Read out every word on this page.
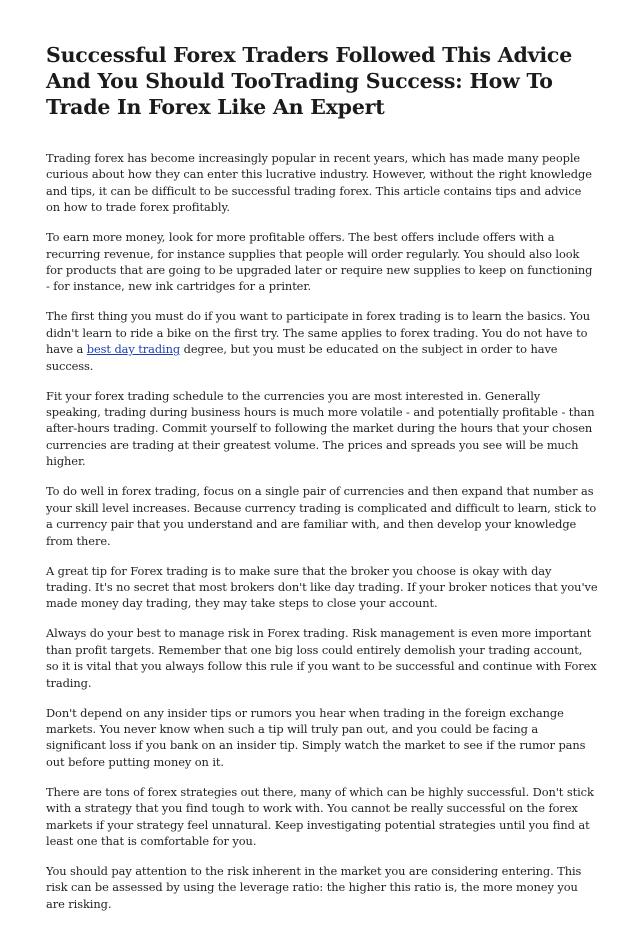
Successful Forex Traders Followed This Advice And You Should TooTrading Success: How To Trade In Forex Like An Expert

Trading forex has become increasingly popular in recent years, which has made many people curious about how they can enter this lucrative industry. However, without the right knowledge and tips, it can be difficult to be successful trading forex. This article contains tips and advice on how to trade forex profitably.

To earn more money, look for more profitable offers. The best offers include offers with a recurring revenue, for instance supplies that people will order regularly. You should also look for products that are going to be upgraded later or require new supplies to keep on functioning - for instance, new ink cartridges for a printer.

The first thing you must do if you want to participate in forex trading is to learn the basics. You didn't learn to ride a bike on the first try. The same applies to forex trading. You do not have to have a best day trading degree, but you must be educated on the subject in order to have success.

Fit your forex trading schedule to the currencies you are most interested in. Generally speaking, trading during business hours is much more volatile - and potentially profitable - than after-hours trading. Commit yourself to following the market during the hours that your chosen currencies are trading at their greatest volume. The prices and spreads you see will be much higher.

To do well in forex trading, focus on a single pair of currencies and then expand that number as your skill level increases. Because currency trading is complicated and difficult to learn, stick to a currency pair that you understand and are familiar with, and then develop your knowledge from there.

A great tip for Forex trading is to make sure that the broker you choose is okay with day trading. It's no secret that most brokers don't like day trading. If your broker notices that you've made money day trading, they may take steps to close your account.

Always do your best to manage risk in Forex trading. Risk management is even more important than profit targets. Remember that one big loss could entirely demolish your trading account, so it is vital that you always follow this rule if you want to be successful and continue with Forex trading.

Don't depend on any insider tips or rumors you hear when trading in the foreign exchange markets. You never know when such a tip will truly pan out, and you could be facing a significant loss if you bank on an insider tip. Simply watch the market to see if the rumor pans out before putting money on it.

There are tons of forex strategies out there, many of which can be highly successful. Don't stick with a strategy that you find tough to work with. You cannot be really successful on the forex markets if your strategy feel unnatural. Keep investigating potential strategies until you find at least one that is comfortable for you.

You should pay attention to the risk inherent in the market you are considering entering. This risk can be assessed by using the leverage ratio: the higher this ratio is, the more money you are risking.
